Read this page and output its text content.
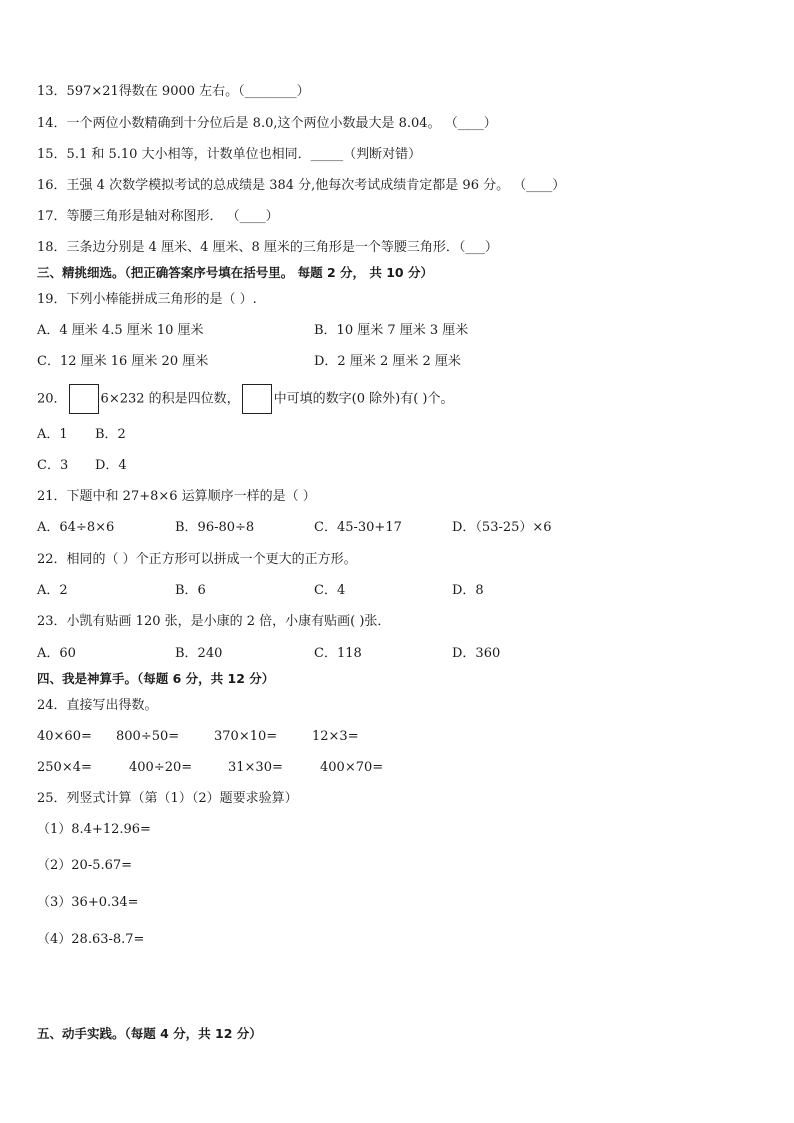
13．597×21得数在 9000 左右。（________）
14．一个两位小数精确到十分位后是 8.0,这个两位小数最大是 8.04。 （____）
15．5.1 和 5.10 大小相等，计数单位也相同．_____（判断对错）
16．王强 4 次数学模拟考试的总成绩是 384 分,他每次考试成绩肯定都是 96 分。 （____）
17．等腰三角形是轴对称图形． （____）
18．三条边分别是 4 厘米、4 厘米、8 厘米的三角形是一个等腰三角形．（___）
三、精挑细选。（把正确答案序号填在括号里。 每题 2 分， 共 10 分）
19．下列小棒能拼成三角形的是（ ）.
A．4 厘米 4.5 厘米 10 厘米	B．10 厘米 7 厘米 3 厘米
C．12 厘米 16 厘米 20 厘米	D．2 厘米 2 厘米 2 厘米
20．	6×232 的积是四位数，	中可填的数字(0 除外)有( )个。
A．1 B．2
C．3 D．4
21．下题中和 27+8×6 运算顺序一样的是（ ）
A．64÷8×6	B．96-80÷8	C．45-30+17	D．（53-25）×6
22．相同的（ ）个正方形可以拼成一个更大的正方形。
A．2	B．6	C．4	D．8
23．小凯有贴画 120 张，是小康的 2 倍，小康有贴画( )张．
A．60	B．240	C．118	D．360
四、我是神算手。（每题 6 分，共 12 分）
24．直接写出得数。
40×60= 800÷50=	370×10=	12×3=
250×4=	400÷20=	31×30=	400×70=
25．列竖式计算（第（1）（2）题要求验算）
（1）8.4+12.96=
（2）20-5.67=
（3）36+0.34=
（4）28.63-8.7=
五、动手实践。（每题 4 分，共 12 分）
